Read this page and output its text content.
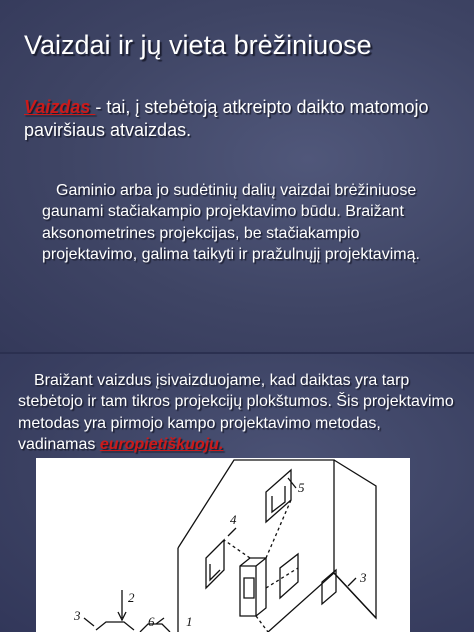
Vaizdai ir jų vieta brėžiniuose

Vaizdas - tai, į stebėtoją atkreipto daikto matomojo paviršiaus atvaizdas.

Gaminio arba jo sudėtinių dalių vaizdai brėžiniuose gaunami stačiakampio projektavimo būdu. Braižant aksonometrines projekcijas, be stačiakampio projektavimo, galima taikyti ir pražulnųjį projektavimą.

Braižant vaizdus įsivaizduojame, kad daiktas yra tarp stebėtojo ir tam tikros projekcijų plokštumos. Šis projektavimo metodas yra pirmojo kampo projektavimo metodas, vadinamas europietiškuoju.

2
3	6
5
4
3
1
